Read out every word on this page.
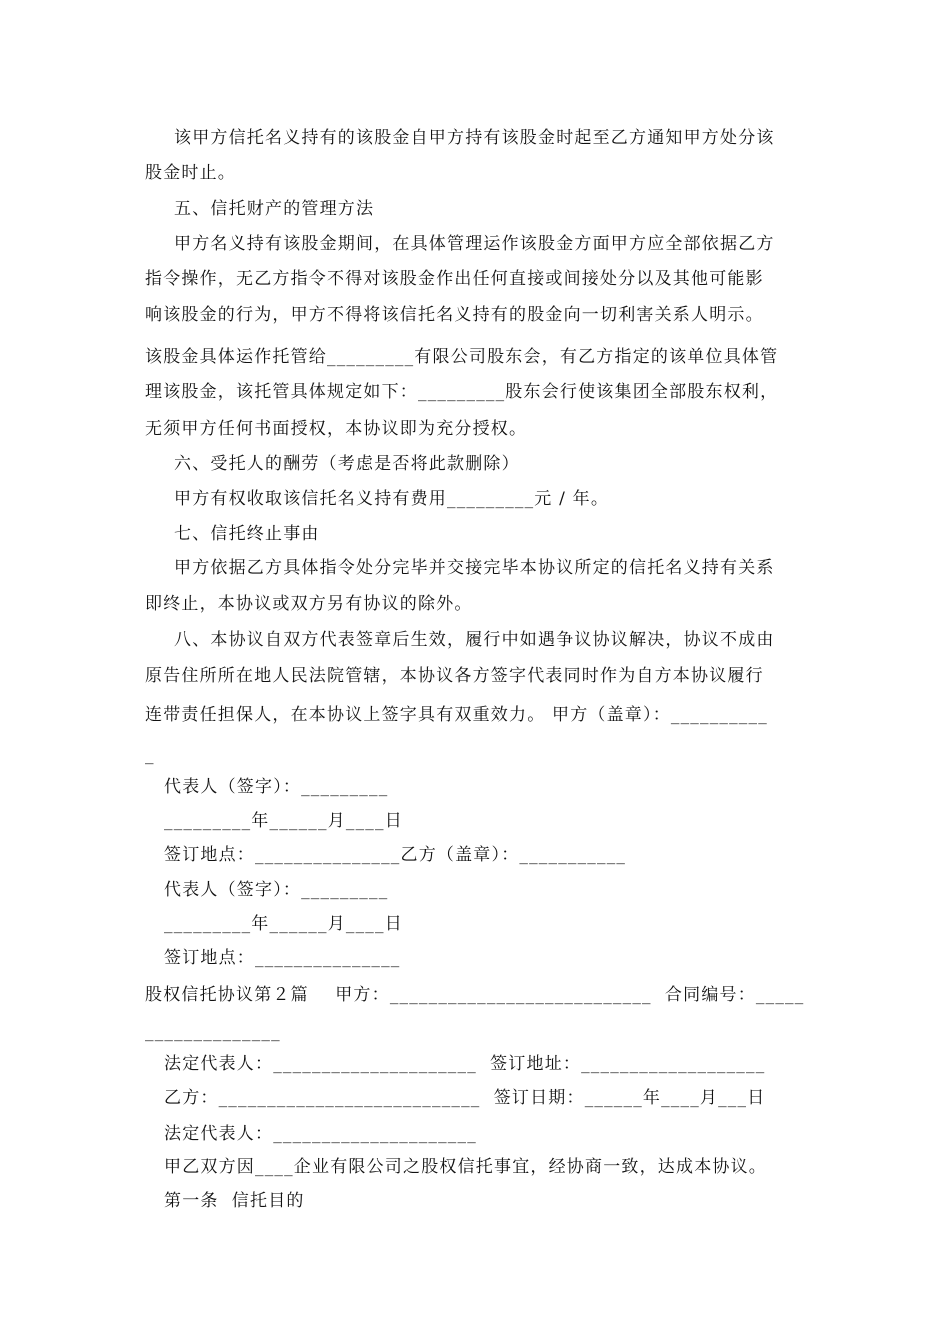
该甲方信托名义持有的该股金自甲方持有该股金时起至乙方通知甲方处分该
股金时止。
五、信托财产的管理方法
甲方名义持有该股金期间，在具体管理运作该股金方面甲方应全部依据乙方
指令操作，无乙方指令不得对该股金作出任何直接或间接处分以及其他可能影
响该股金的行为，甲方不得将该信托名义持有的股金向一切利害关系人明示。
该股金具体运作托管给_________有限公司股东会，有乙方指定的该单位具体管
理该股金，该托管具体规定如下：_________股东会行使该集团全部股东权利，
无须甲方任何书面授权，本协议即为充分授权。
六、受托人的酬劳（考虑是否将此款删除）
甲方有权收取该信托名义持有费用_________元 / 年。
七、信托终止事由
甲方依据乙方具体指令处分完毕并交接完毕本协议所定的信托名义持有关系
即终止，本协议或双方另有协议的除外。
八、本协议自双方代表签章后生效，履行中如遇争议协议解决，协议不成由
原告住所所在地人民法院管辖，本协议各方签字代表同时作为自方本协议履行
连带责任担保人，在本协议上签字具有双重效力。 甲方（盖章）：__________
_
代表人（签字）：_________
_________年______月____日
签订地点：_______________乙方（盖章）：___________
代表人（签字）：_________
_________年______月____日
签订地点：_______________
股权信托协议第２篇    甲方：___________________________  合同编号：_____
______________
法定代表人：_____________________  签订地址：___________________
乙方：___________________________  签订日期：______年____月___日
法定代表人：_____________________
甲乙双方因____企业有限公司之股权信托事宜，经协商一致，达成本协议。
第一条  信托目的
